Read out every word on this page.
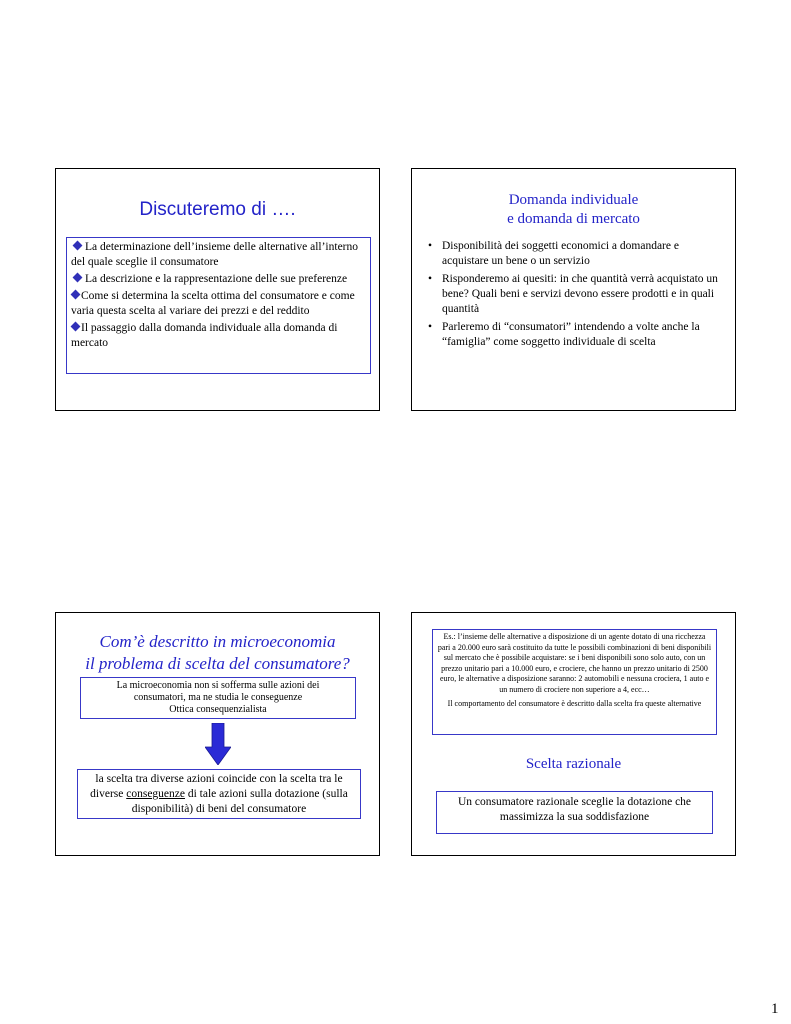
Discuteremo di ….
La determinazione dell’insieme delle alternative all’interno del quale sceglie il consumatore
La descrizione e la rappresentazione delle sue preferenze
Come si determina la scelta ottima del consumatore e come varia questa scelta al variare dei prezzi e del reddito
Il passaggio dalla domanda individuale alla domanda di mercato
Domanda individuale
e domanda di mercato
• Disponibilità dei soggetti economici a domandare e acquistare un bene o un servizio
• Risponderemo ai quesiti: in che quantità verrà acquistato un bene? Quali beni e servizi devono essere prodotti e in quali quantità
• Parleremo di “consumatori” intendendo a volte anche la “famiglia” come soggetto individuale di scelta
Com’è descritto in microeconomia
il problema di scelta del consumatore?
La microeconomia non si sofferma sulle azioni dei
consumatori, ma ne studia le conseguenze
Ottica consequenzialista
la scelta tra diverse azioni coincide con la scelta tra le diverse conseguenze di tale azioni sulla dotazione (sulla disponibilità) di beni del consumatore

Es.: l’insieme delle alternative a disposizione di un agente dotato di una ricchezza pari a 20.000 euro sarà costituito da tutte le possibili combinazioni di beni disponibili sul mercato che è possibile acquistare: se i beni disponibili sono solo auto, con un prezzo unitario pari a 10.000 euro, e crociere, che hanno un prezzo unitario di 2500 euro, le alternative a disposizione saranno: 2 automobili e nessuna crociera, 1 auto e un numero di crociere non superiore a 4, ecc…

Il comportamento del consumatore è descritto dalla scelta fra queste alternative

Scelta razionale
Un consumatore razionale sceglie la dotazione che
massimizza la sua soddisfazione
1
